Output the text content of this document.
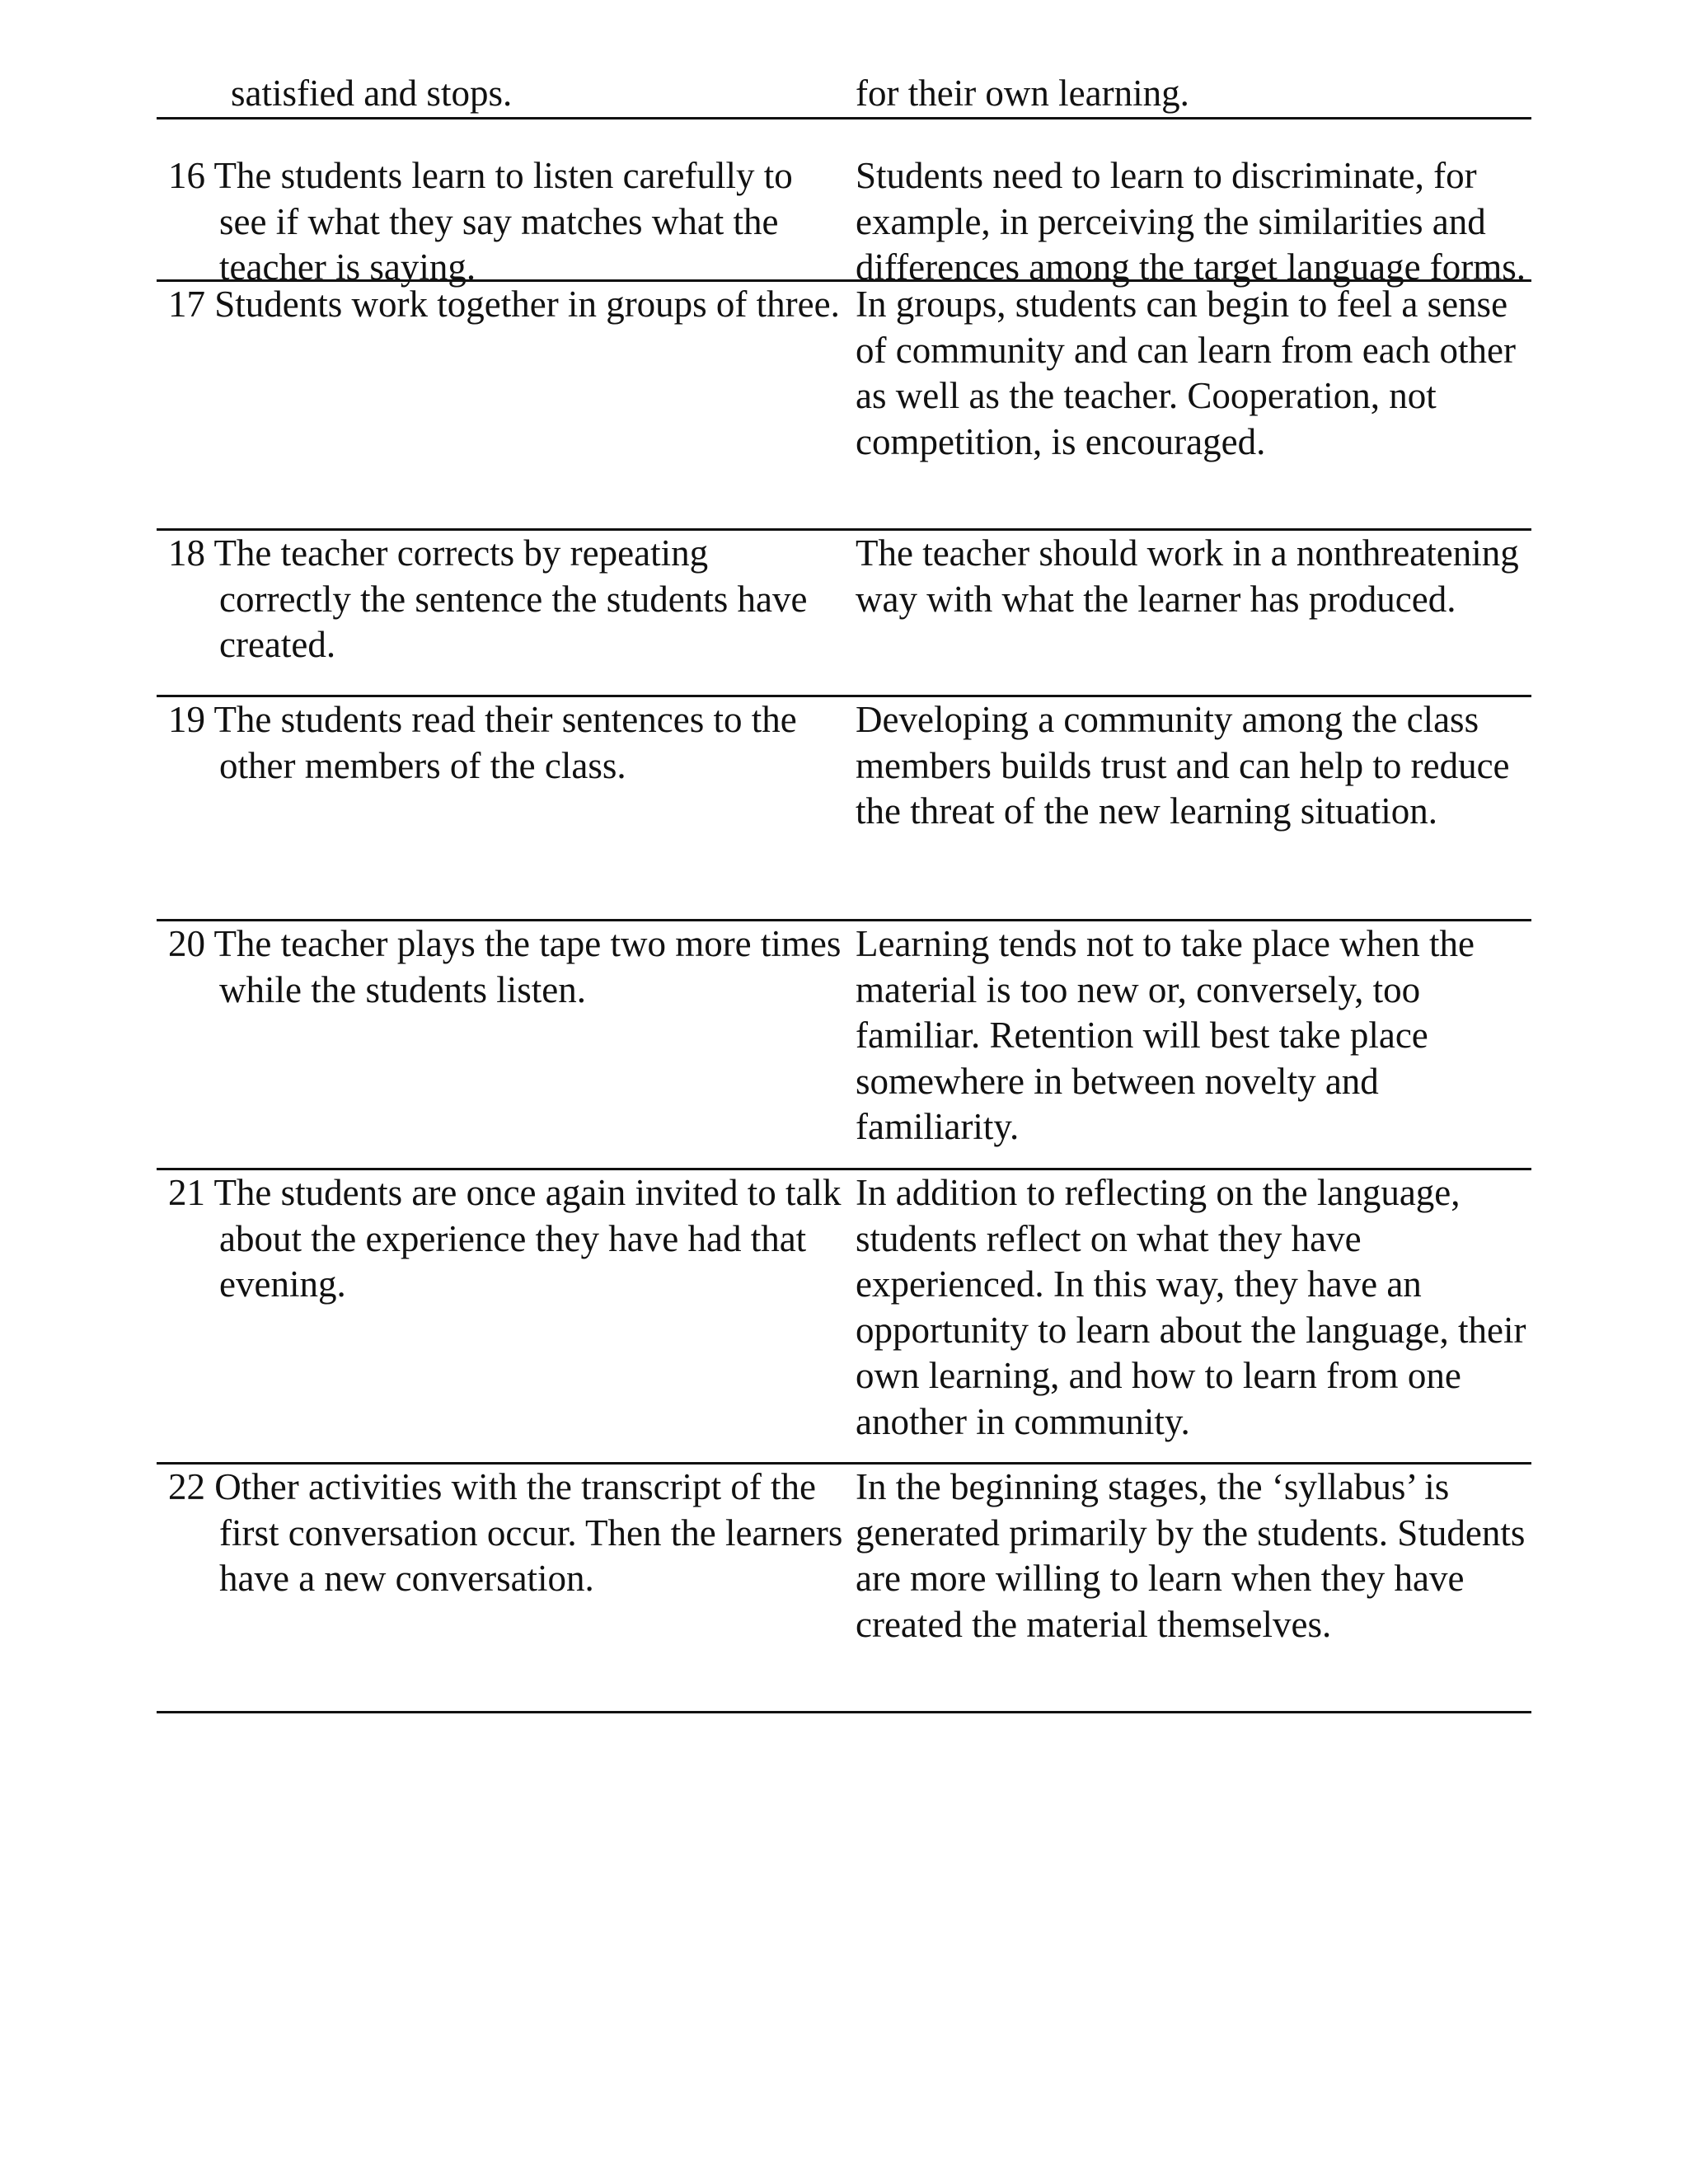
satisfied and stops.	for their own learning.

16 The students learn to listen carefully to see if what they say matches what the teacher is saying.

Students need to learn to discriminate, for example, in perceiving the similarities and differences among the target language forms.

17 Students work together in groups of three. In groups, students can begin to feel a sense of community and can learn from each other as well as the teacher. Cooperation, not competition, is encouraged.

18 The teacher corrects by repeating correctly the sentence the students have created.

The teacher should work in a nonthreatening way with what the learner has produced.

19 The students read their sentences to the other members of the class.

Developing a community among the class members builds trust and can help to reduce the threat of the new learning situation.

20 The teacher plays the tape two more times while the students listen.

Learning tends not to take place when the material is too new or, conversely, too familiar. Retention will best take place somewhere in between novelty and familiarity.

21 The students are once again invited to talk about the experience they have had that evening.

In addition to reflecting on the language, students reflect on what they have experienced. In this way, they have an opportunity to learn about the language, their own learning, and how to learn from one another in community.

22 Other activities with the transcript of the first conversation occur. Then the learners have a new conversation.

In the beginning stages, the ‘syllabus’ is generated primarily by the students. Students are more willing to learn when they have created the material themselves.
